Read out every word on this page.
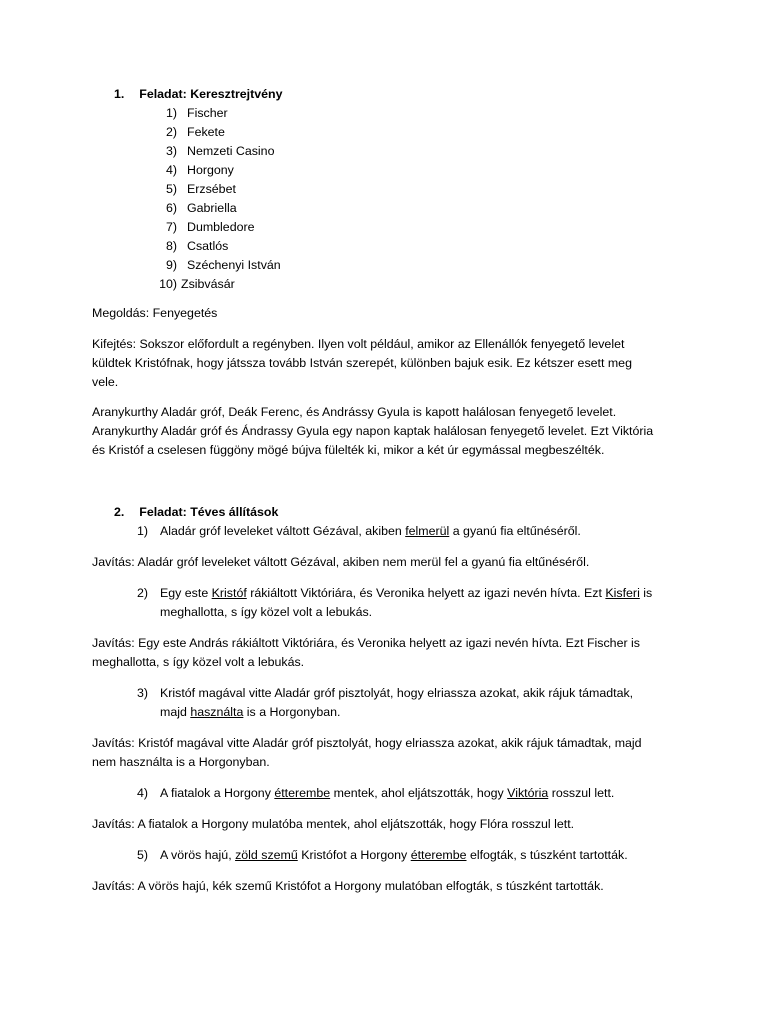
1. Feladat: Keresztrejtvény
1) Fischer
2) Fekete
3) Nemzeti Casino
4) Horgony
5) Erzsébet
6) Gabriella
7) Dumbledore
8) Csatlós
9) Széchenyi István
10) Zsibvásár
Megoldás: Fenyegetés
Kifejtés: Sokszor előfordult a regényben. Ilyen volt például, amikor az Ellenállók fenyegető levelet
küldtek Kristófnak, hogy játssza tovább István szerepét, különben bajuk esik. Ez kétszer esett meg
vele.
Aranykurthy Aladár gróf, Deák Ferenc, és Andrássy Gyula is kapott halálosan fenyegető levelet.
Aranykurthy Aladár gróf és Ándrassy Gyula egy napon kaptak halálosan fenyegető levelet. Ezt Viktória
és Kristóf a cselesen függöny mögé bújva fülelték ki, mikor a két úr egymással megbeszélték.
2. Feladat: Téves állítások
1) Aladár gróf leveleket váltott Gézával, akiben felmerül a gyanú fia eltűnéséről.
Javítás: Aladár gróf leveleket váltott Gézával, akiben nem merül fel a gyanú fia eltűnéséről.
2) Egy este Kristóf rákiáltott Viktóriára, és Veronika helyett az igazi nevén hívta. Ezt Kisferi is
meghallotta, s így közel volt a lebukás.
Javítás: Egy este András rákiáltott Viktóriára, és Veronika helyett az igazi nevén hívta. Ezt Fischer is
meghallotta, s így közel volt a lebukás.
3) Kristóf magával vitte Aladár gróf pisztolyát, hogy elriassza azokat, akik rájuk támadtak,
majd használta is a Horgonyban.
Javítás: Kristóf magával vitte Aladár gróf pisztolyát, hogy elriassza azokat, akik rájuk támadtak, majd
nem használta is a Horgonyban.
4) A fiatalok a Horgony étterembe mentek, ahol eljátszották, hogy Viktória rosszul lett.
Javítás: A fiatalok a Horgony mulatóba mentek, ahol eljátszották, hogy Flóra rosszul lett.
5) A vörös hajú, zöld szemű Kristófot a Horgony étterembe elfogták, s túszként tartották.
Javítás: A vörös hajú, kék szemű Kristófot a Horgony mulatóban elfogták, s túszként tartották.
